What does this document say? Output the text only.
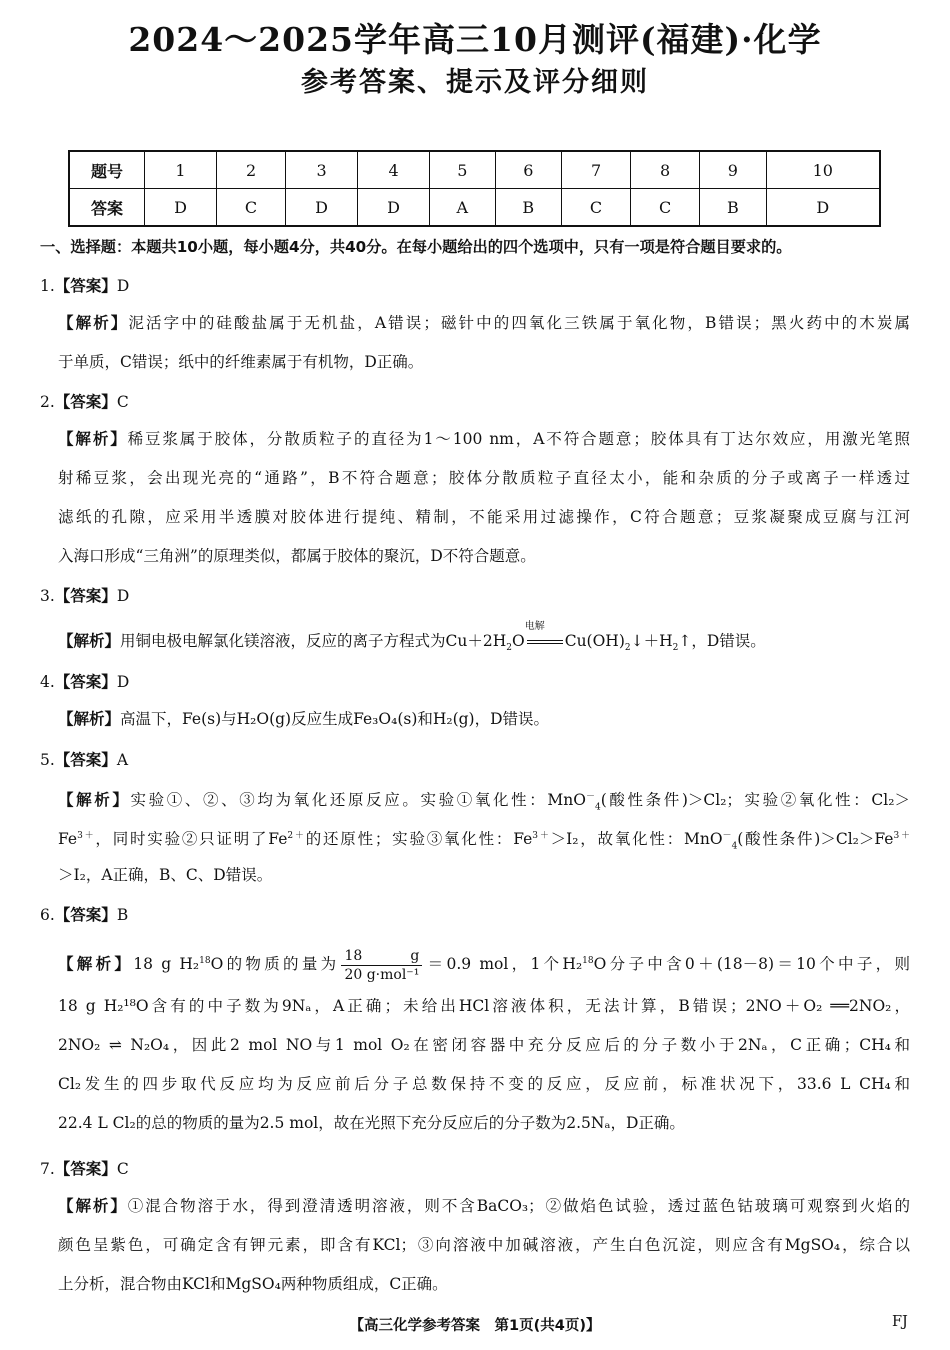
2024～2025学年高三10月测评(福建)·化学
参考答案、提示及评分细则
题号	1	2	3	4	5	6	7	8	9	10
答案	D	C	D	D	A	B	C	C	B	D
一、选择题：本题共10小题，每小题4分，共40分。在每小题给出的四个选项中，只有一项是符合题目要求的。
1.【答案】D
【解析】泥活字中的硅酸盐属于无机盐，A错误；磁针中的四氧化三铁属于氧化物，B错误；黑火药中的木炭属
于单质，C错误；纸中的纤维素属于有机物，D正确。
2.【答案】C
【解析】稀豆浆属于胶体，分散质粒子的直径为1～100 nm，A不符合题意；胶体具有丁达尔效应，用激光笔照
射稀豆浆，会出现光亮的“通路”，B不符合题意；胶体分散质粒子直径太小，能和杂质的分子或离子一样透过
滤纸的孔隙，应采用半透膜对胶体进行提纯、精制，不能采用过滤操作，C符合题意；豆浆凝聚成豆腐与江河
入海口形成“三角洲”的原理类似，都属于胶体的聚沉，D不符合题意。
3.【答案】D
【解析】用铜电极电解氯化镁溶液，反应的离子方程式为$Cu+2H_2O$
电解
$Cu(OH)_2↓+H_2↑$，D错误。
4.【答案】D
【解析】高温下，Fe(s)与H₂O(g)反应生成Fe₃O₄(s)和H₂(g)，D错误。
5.【答案】A
【解析】实验①、②、③均为氧化还原反应。实验①氧化性：MnO－$_4$(酸性条件)＞Cl₂；实验②氧化性：Cl₂＞
$Fe^{3+}$，同时实验②只证明了$Fe^{2+}$的还原性；实验③氧化性：$Fe^{3+}>I_2$，故氧化性：MnO－$_4$(酸性条件)$>Cl_2>Fe^{3+}$
＞I₂，A正确，B、C、D错误。
6.【答案】B
【解析】18 g H₂$^{18}$O的物质的量为 $\frac{18 g}{\text{20 g·mol⁻¹}} =0.9$ mol，1个H₂$^{18}$O分子中含0＋(18－8)＝10个中子，则
18 g H₂¹⁸O含有的中子数为9Nₐ，A正确；未给出HCl溶液体积，无法计算，B错误；2NO＋O₂ ══2NO₂，
2NO₂ ⇌ N₂O₄，因此2 mol NO与1 mol O₂在密闭容器中充分反应后的分子数小于2Nₐ，C正确；CH₄和
Cl₂发生的四步取代反应均为反应前后分子总数保持不变的反应，反应前，标准状况下，33.6 L CH₄和
22.4 L Cl₂的总的物质的量为2.5 mol，故在光照下充分反应后的分子数为2.5Nₐ，D正确。
7.【答案】C
【解析】①混合物溶于水，得到澄清透明溶液，则不含BaCO₃；②做焰色试验，透过蓝色钴玻璃可观察到火焰的
颜色呈紫色，可确定含有钾元素，即含有KCl；③向溶液中加碱溶液，产生白色沉淀，则应含有MgSO₄，综合以
上分析，混合物由KCl和MgSO₄两种物质组成，C正确。
【高三化学参考答案　第1页(共4页)】	FJ
